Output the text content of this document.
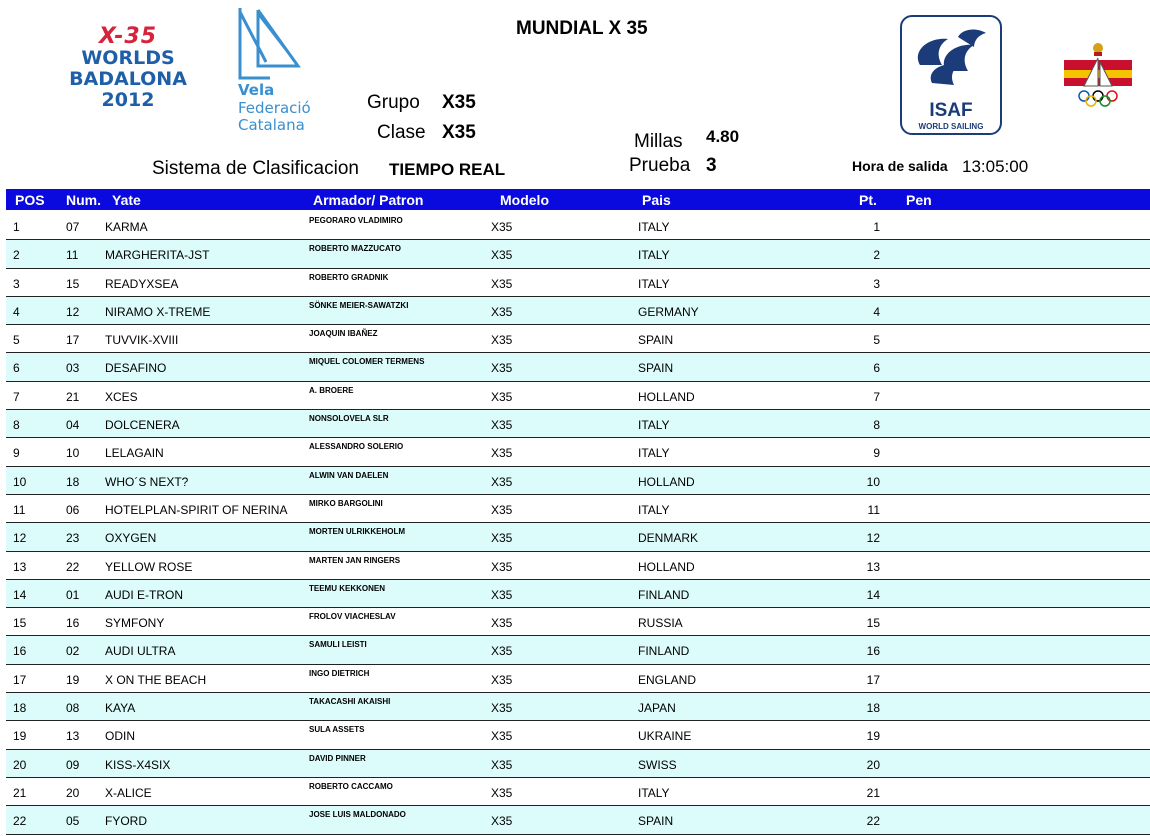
X-35
WORLDS
BADALONA
2012	Vela
Federació
Catalana
ISAF
WORLD SAILING
MUNDIAL X 35
Grupo X35
Clase X35	Millas 4.80
Prueba 3
Sistema de Clasificacion TIEMPO REAL	Hora de salida 13:05:00
POS Num. Yate	Armador/ Patron	Modelo	Pais	Pt. Pen
1	07 KARMA	PEGORARO VLADIMIRO	X35	ITALY	1
2	11 MARGHERITA-JST	ROBERTO MAZZUCATO	X35	ITALY	2
3	15 READYXSEA	ROBERTO GRADNIK	X35	ITALY	3
4	12 NIRAMO X-TREME	SÖNKE MEIER-SAWATZKI	X35	GERMANY	4
5	17 TUVVIK-XVIII	JOAQUIN IBAÑEZ	X35	SPAIN	5
6	03 DESAFINO	MIQUEL COLOMER TERMENS	X35	SPAIN	6
7	21 XCES	A. BROERE	X35	HOLLAND	7
8	04 DOLCENERA	NONSOLOVELA SLR	X35	ITALY	8
9	10 LELAGAIN	ALESSANDRO SOLERIO	X35	ITALY	9
10	18 WHO´S NEXT?	ALWIN VAN DAELEN	X35	HOLLAND	10
11	06 HOTELPLAN-SPIRIT OF NERINA	MIRKO BARGOLINI	X35	ITALY	11
12	23 OXYGEN	MORTEN ULRIKKEHOLM	X35	DENMARK	12
13	22 YELLOW ROSE	MARTEN JAN RINGERS	X35	HOLLAND	13
14	01 AUDI E-TRON	TEEMU KEKKONEN	X35	FINLAND	14
15	16 SYMFONY	FROLOV VIACHESLAV	X35	RUSSIA	15
16	02 AUDI ULTRA	SAMULI LEISTI	X35	FINLAND	16
17	19 X ON THE BEACH	INGO DIETRICH	X35	ENGLAND	17
18	08 KAYA	TAKACASHI AKAISHI	X35	JAPAN	18
19	13 ODIN	SULA ASSETS	X35	UKRAINE	19
20	09 KISS-X4SIX	DAVID PINNER	X35	SWISS	20
21	20 X-ALICE	ROBERTO CACCAMO	X35	ITALY	21
22	05 FYORD	JOSE LUIS MALDONADO	X35	SPAIN	22
